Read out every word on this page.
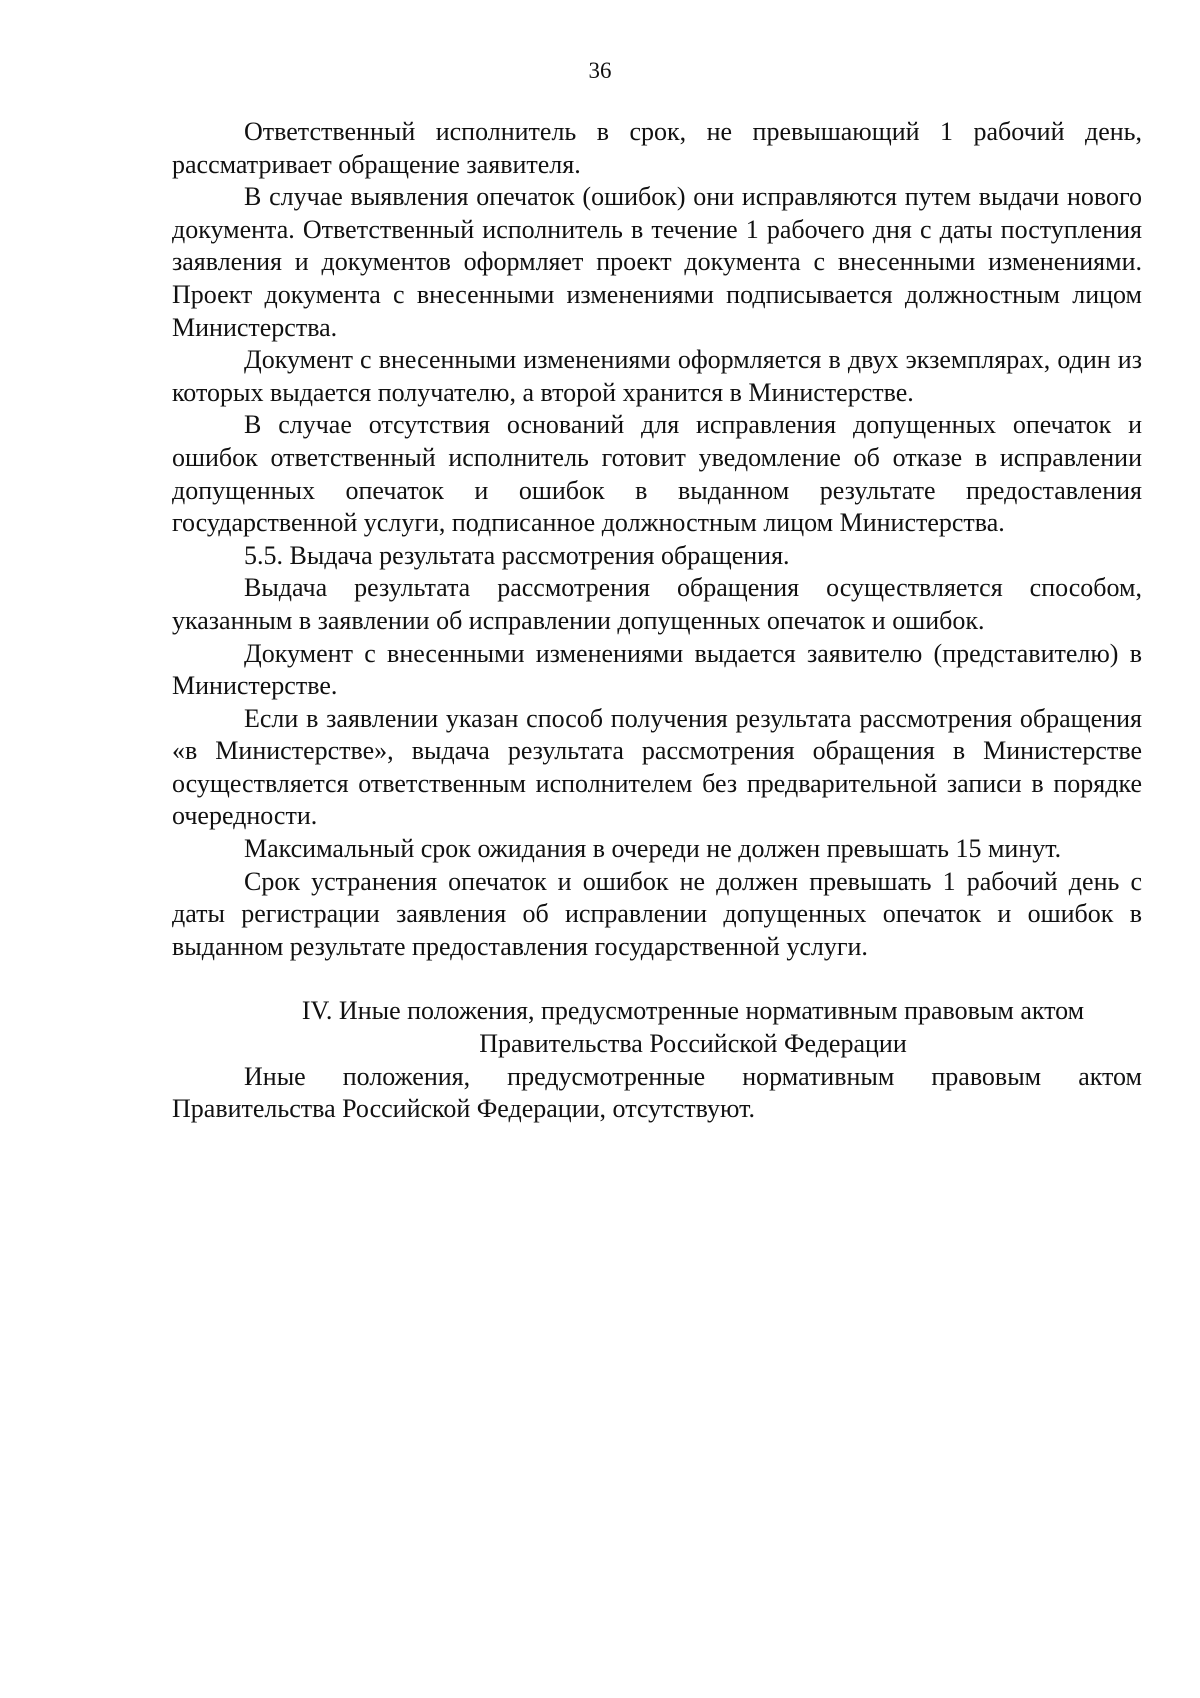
36

Ответственный исполнитель в срок, не превышающий 1 рабочий день, рассматривает обращение заявителя.

В случае выявления опечаток (ошибок) они исправляются путем выдачи нового документа. Ответственный исполнитель в течение 1 рабочего дня с даты поступления заявления и документов оформляет проект документа с внесенными изменениями. Проект документа с внесенными изменениями подписывается должностным лицом Министерства.

Документ с внесенными изменениями оформляется в двух экземплярах, один из которых выдается получателю, а второй хранится в Министерстве.

В случае отсутствия оснований для исправления допущенных опечаток и ошибок ответственный исполнитель готовит уведомление об отказе в исправлении допущенных опечаток и ошибок в выданном результате предоставления государственной услуги, подписанное должностным лицом Министерства.

5.5. Выдача результата рассмотрения обращения.

Выдача результата рассмотрения обращения осуществляется способом, указанным в заявлении об исправлении допущенных опечаток и ошибок.

Документ с внесенными изменениями выдается заявителю (представителю) в Министерстве.

Если в заявлении указан способ получения результата рассмотрения обращения «в Министерстве», выдача результата рассмотрения обращения в Министерстве осуществляется ответственным исполнителем без предварительной записи в порядке очередности.

Максимальный срок ожидания в очереди не должен превышать 15 минут.

Срок устранения опечаток и ошибок не должен превышать 1 рабочий день с даты регистрации заявления об исправлении допущенных опечаток и ошибок в выданном результате предоставления государственной услуги.

IV. Иные положения, предусмотренные нормативным правовым актом
Правительства Российской Федерации

Иные положения, предусмотренные нормативным правовым актом Правительства Российской Федерации, отсутствуют.
